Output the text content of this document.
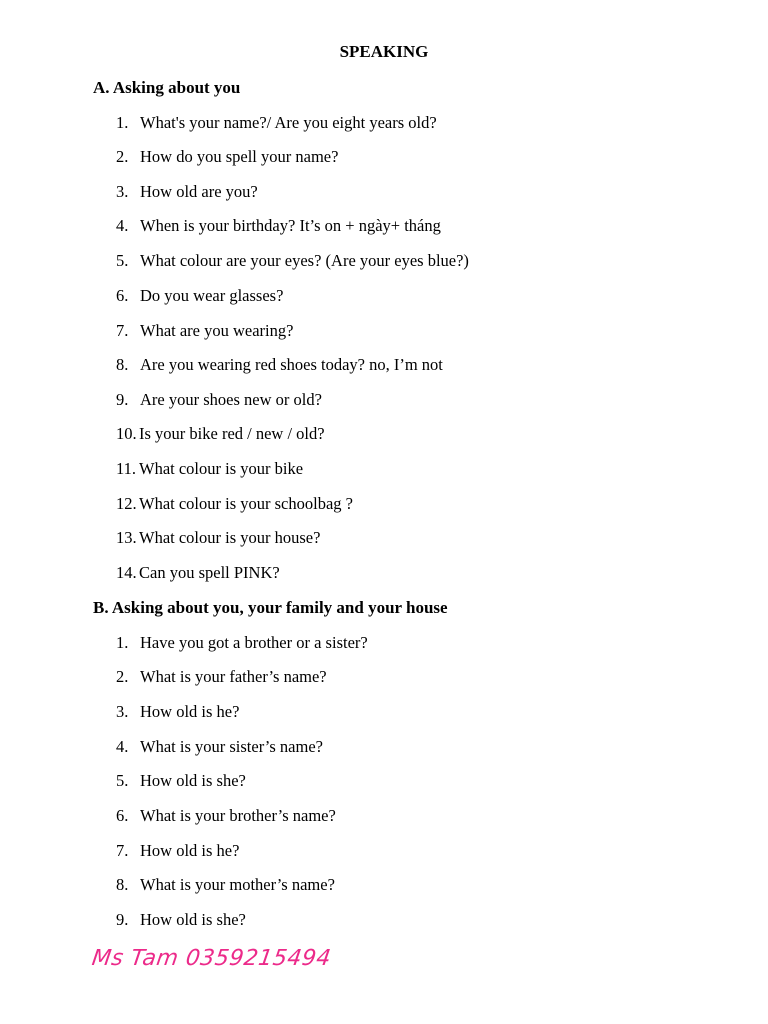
SPEAKING
A. Asking about you
1. What's your name?/ Are you eight years old?
2. How do you spell your name?
3. How old are you?
4. When is your birthday? It’s on + ngày+ tháng
5. What colour are your eyes? (Are your eyes blue?)
6. Do you wear glasses?
7. What are you wearing?
8. Are you wearing red shoes today? no, I’m not
9. Are your shoes new or old?
10. Is your bike red / new / old?
11. What colour is your bike
12. What colour is your schoolbag ?
13. What colour is your house?
14. Can you spell PINK?
B. Asking about you, your family and your house
1. Have you got a brother or a sister?
2. What is your father’s name?
3. How old is he?
4. What is your sister’s name?
5. How old is she?
6. What is your brother’s name?
7. How old is he?
8. What is your mother’s name?
9. How old is she?
Ms Tam 0359215494
